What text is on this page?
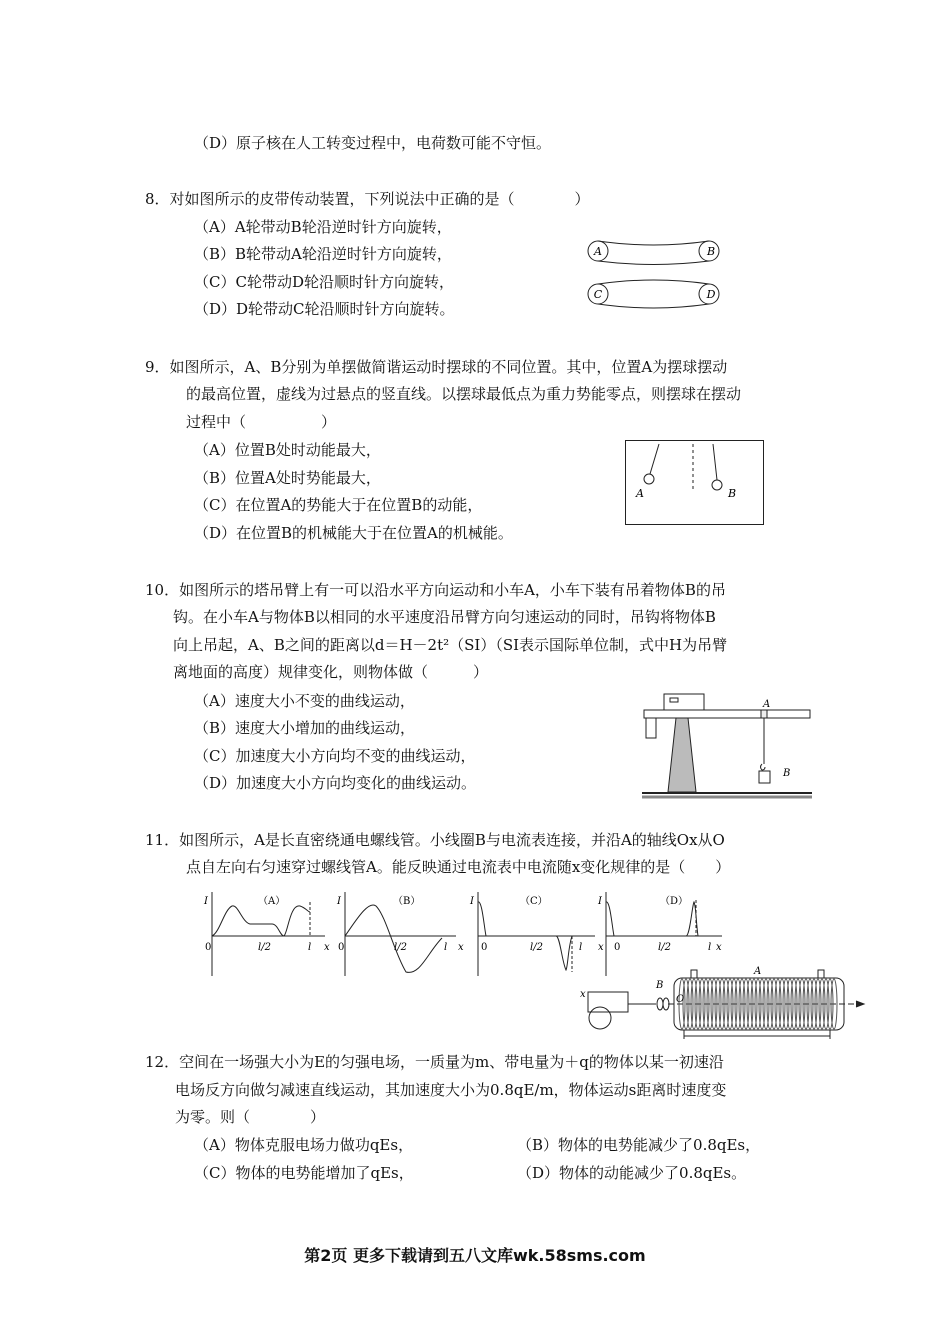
（D）原子核在人工转变过程中，电荷数可能不守恒。
8．对如图所示的皮带传动装置，下列说法中正确的是（　　　　）
（A）A轮带动B轮沿逆时针方向旋转，
（B）B轮带动A轮沿逆时针方向旋转，
（C）C轮带动D轮沿顺时针方向旋转，
（D）D轮带动C轮沿顺时针方向旋转。
A	B
C	D
9．如图所示，A、B分别为单摆做简谐运动时摆球的不同位置。其中，位置A为摆球摆动
的最高位置，虚线为过悬点的竖直线。以摆球最低点为重力势能零点，则摆球在摆动
过程中（　　　　　）
（A）位置B处时动能最大，
（B）位置A处时势能最大，
（C）在位置A的势能大于在位置B的动能，
（D）在位置B的机械能大于在位置A的机械能。
A	B
10．如图所示的塔吊臂上有一可以沿水平方向运动和小车A，小车下装有吊着物体B的吊
钩。在小车A与物体B以相同的水平速度沿吊臂方向匀速运动的同时，吊钩将物体B
向上吊起，A、B之间的距离以d＝H－2t²（SI）（SI表示国际单位制，式中H为吊臂
离地面的高度）规律变化，则物体做（　　　）
（A）速度大小不变的曲线运动，
（B）速度大小增加的曲线运动，
（C）加速度大小方向均不变的曲线运动，
（D）加速度大小方向均变化的曲线运动。
A
B
11．如图所示，A是长直密绕通电螺线管。小线圈B与电流表连接，并沿A的轴线Ox从O
点自左向右匀速穿过螺线管A。能反映通过电流表中电流随x变化规律的是（　　）
（A）
I
0	l/2	l x
（B）
I
0	l/2	l x
（C）
I
0	l/2	l x
（D）
I
0	l/2	l x
B
A
O
x
12．空间在一场强大小为E的匀强电场，一质量为m、带电量为＋q的物体以某一初速沿
电场反方向做匀减速直线运动，其加速度大小为0.8qE/m，物体运动s距离时速度变
为零。则（　　　　）
（A）物体克服电场力做功qEs，	（B）物体的电势能减少了0.8qEs，
（C）物体的电势能增加了qEs，	（D）物体的动能减少了0.8qEs。
第2页 更多下载请到五八文库wk.58sms.com
